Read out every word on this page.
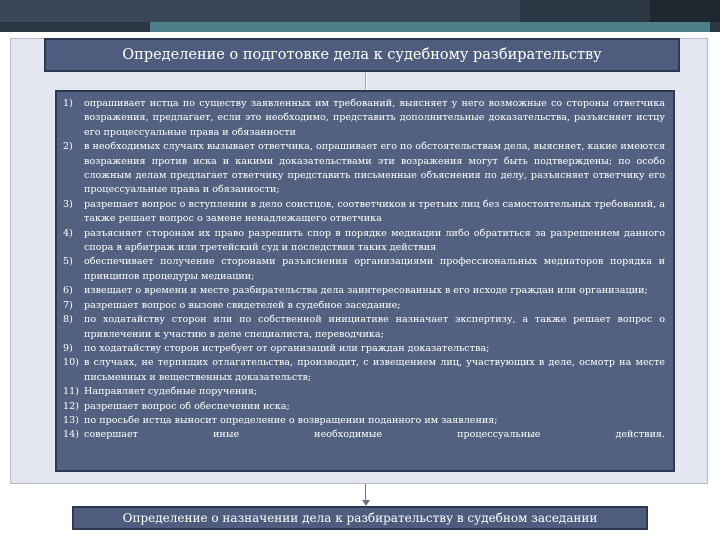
Определение о подготовке дела к судебному разбирательству
1)	опрашивает истца по существу заявленных им требований, выясняет у него возможные со стороны ответчика возражения, предлагает, если это необходимо, представить дополнительные доказательства, разъясняет истцу его процессуальные права и обязанности
2)	в необходимых случаях вызывает ответчика, опрашивает его по обстоятельствам дела, выясняет, какие имеются возражения против иска и какими доказательствами эти возражения могут быть подтверждены; по особо сложным делам предлагает ответчику представить письменные объяснения по делу, разъясняет ответчику его процессуальные права и обязанности;
3)	разрешает вопрос о вступлении в дело соистцов, соответчиков и третьих лиц без самостоятельных требований, а также решает вопрос о замене ненадлежащего ответчика
4)	разъясняет сторонам их право разрешить спор в порядке медиации либо обратиться за разрешением данного спора в арбитраж или третейский суд и последствия таких действия
5)	обеспечивает получение сторонами разъяснения организациями профессиональных медиаторов порядка и принципов процедуры медиации;
6)	извещает о времени и месте разбирательства дела заинтересованных в его исходе граждан или организации;
7)	разрешает вопрос о вызове свидетелей в судебное заседание;
8)	по ходатайству сторон или по собственной инициативе назначает экспертизу, а также решает вопрос о привлечении к участию в деле специалиста, переводчика;
9)	по ходатайству сторон истребует от организаций или граждан доказательства;
10) в случаях, не терпящих отлагательства, производит, с извещением лиц, участвующих в деле, осмотр на месте письменных и вещественных доказательств;
11) Направляет судебные поручения;
12) разрешает вопрос об обеспечении иска;
13) по просьбе истца выносит определение о возвращении поданного им заявления;
14) совершает иные необходимые процессуальные действия.
Определение о назначении дела к разбирательству в судебном заседании
